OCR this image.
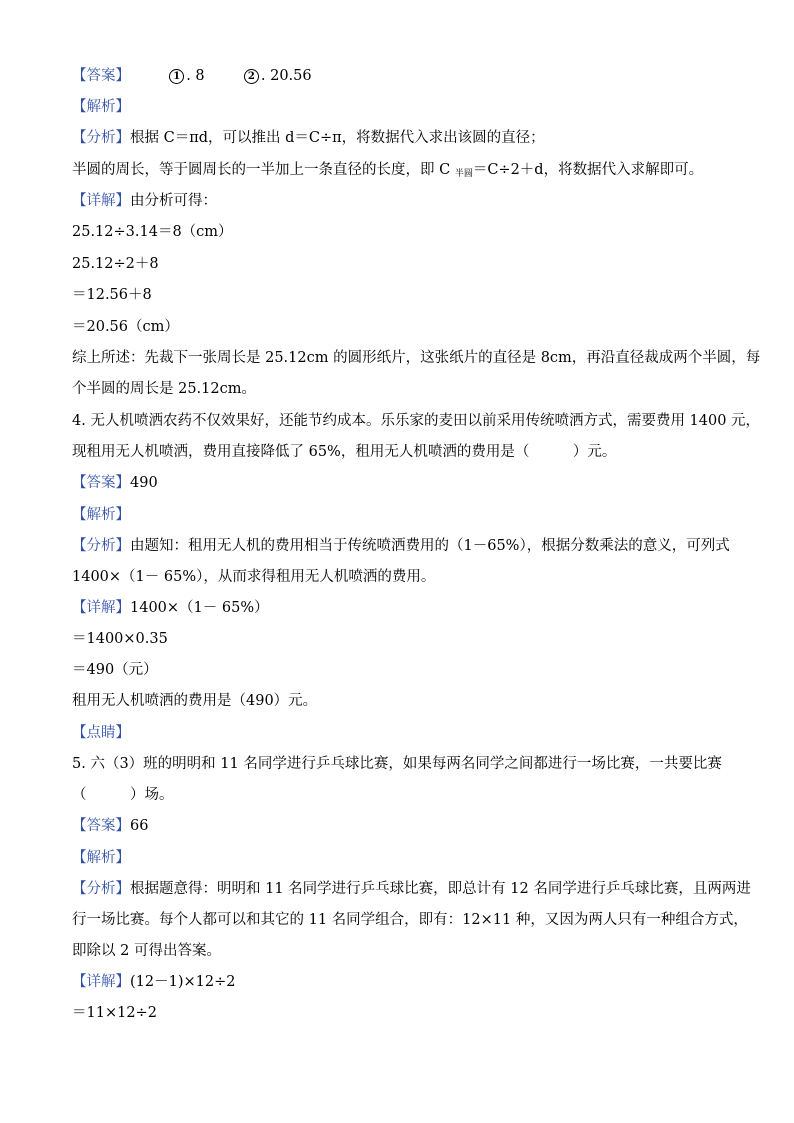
【答案】	1 . 8	2 . 20.56
【解析】
【分析】根据 C＝πd，可以推出 d＝C÷π，将数据代入求出该圆的直径；
半圆的周长，等于圆周长的一半加上一条直径的长度，即 C $_{半圆}$＝C÷2＋d，将数据代入求解即可。
【详解】由分析可得：
25.12÷3.14＝8（cm）
25.12÷2＋8
＝12.56＋8
＝20.56（cm）
综上所述：先裁下一张周长是 25.12cm 的圆形纸片，这张纸片的直径是 8cm，再沿直径裁成两个半圆，每
个半圆的周长是 25.12cm。
4. 无人机喷洒农药不仅效果好，还能节约成本。乐乐家的麦田以前采用传统喷洒方式，需要费用 1400 元，
现租用无人机喷洒，费用直接降低了 65%，租用无人机喷洒的费用是（　　　）元。
【答案】490
【解析】
【分析】由题知：租用无人机的费用相当于传统喷洒费用的（1－65%），根据分数乘法的意义，可列式
1400×（1－ 65%），从而求得租用无人机喷洒的费用。
【详解】1400×（1－ 65%）
＝1400×0.35
＝490（元）
租用无人机喷洒的费用是（490）元。
【点睛】
5. 六（3）班的明明和 11 名同学进行乒乓球比赛，如果每两名同学之间都进行一场比赛，一共要比赛
（　　　）场。
【答案】66
【解析】
【分析】根据题意得：明明和 11 名同学进行乒乓球比赛，即总计有 12 名同学进行乒乓球比赛，且两两进
行一场比赛。每个人都可以和其它的 11 名同学组合，即有：12×11 种，又因为两人只有一种组合方式，
即除以 2 可得出答案。
【详解】(12－1)×12÷2
＝11×12÷2
